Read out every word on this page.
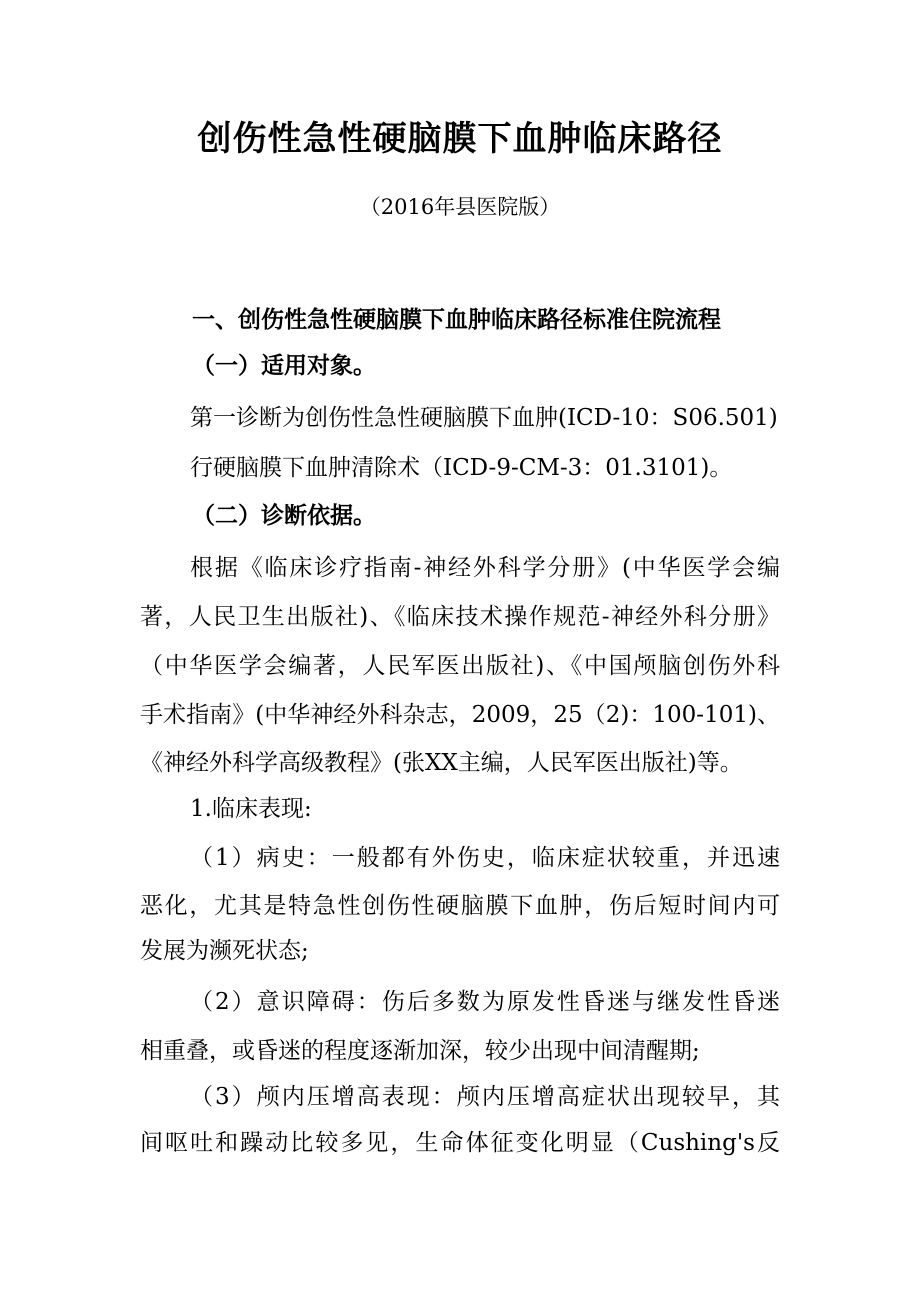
创伤性急性硬脑膜下血肿临床路径
（2016年县医院版）
一、创伤性急性硬脑膜下血肿临床路径标准住院流程
（一）适用对象。
第一诊断为创伤性急性硬脑膜下血肿(ICD-10：S06.501)
行硬脑膜下血肿清除术（ICD-9-CM-3：01.3101)。
（二）诊断依据。
根据《临床诊疗指南-神经外科学分册》(中华医学会编
著，人民卫生出版社)、《临床技术操作规范-神经外科分册》
（中华医学会编著，人民军医出版社)、《中国颅脑创伤外科
手术指南》(中华神经外科杂志，2009，25（2)：100-101)、
《神经外科学高级教程》(张XX主编，人民军医出版社)等。
1.临床表现:
（1）病史：一般都有外伤史，临床症状较重，并迅速
恶化，尤其是特急性创伤性硬脑膜下血肿，伤后短时间内可
发展为濒死状态;
（2）意识障碍：伤后多数为原发性昏迷与继发性昏迷
相重叠，或昏迷的程度逐渐加深，较少出现中间清醒期;
（3）颅内压增高表现：颅内压增高症状出现较早，其
间呕吐和躁动比较多见，生命体征变化明显（Cushing's反
